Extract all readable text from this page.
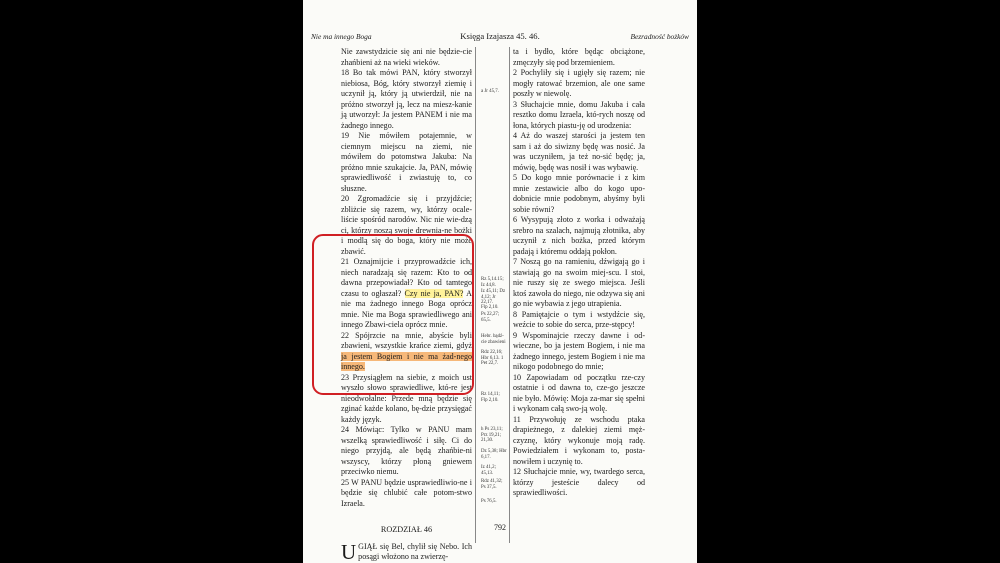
Nie ma innego Boga	Księga Izajasza 45. 46.	Bezradność bożków

Nie zawstydzicie się ani nie będzie-cie zhańbieni aż na wieki wieków.

18 Bo tak mówi PAN, który stworzył niebiosa, Bóg, który stworzył ziemię i uczynił ją, który ją utwierdził, nie na próżno stworzył ją, lecz na miesz-kanie ją utworzył: Ja jestem PANEM i nie ma żadnego innego.

19 Nie mówiłem potajemnie, w ciemnym miejscu na ziemi, nie mówiłem do potomstwa Jakuba: Na próżno mnie szukajcie. Ja, PAN, mówię sprawiedliwość i zwiastuję to, co słuszne.

20 Zgromadźcie się i przyjdźcie; zbliżcie się razem, wy, którzy ocale-liście spośród narodów. Nic nie wie-dzą ci, którzy noszą swoje drewnia-ne bożki i modlą się do boga, który nie może zbawić.

21 Oznajmijcie i przyprowadźcie ich, niech naradzają się razem: Kto to od dawna przepowiadał? Kto od tamtego czasu to ogłaszał? Czy nie ja, PAN? A nie ma żadnego innego Boga oprócz mnie. Nie ma Boga sprawiedliwego ani innego Zbawi-ciela oprócz mnie.

22 Spójrzcie na mnie, abyście byli zbawieni, wszystkie krańce ziemi, gdyż ja jestem Bogiem i nie ma żad-nego innego.

23 Przysiągłem na siebie, z moich ust wyszło słowo sprawiedliwe, któ-re jest nieodwołalne: Przede mną będzie się zginać każde kolano, bę-dzie przysięgać każdy język.

24 Mówiąc: Tylko w PANU mam wszelką sprawiedliwość i siłę. Ci do niego przyjdą, ale będą zhańbie-ni wszyscy, którzy płoną gniewem przeciwko niemu.

25 W PANU będzie usprawiedliwio-ne i będzie się chlubić całe potom-stwo Izraela.

ROZDZIAŁ 46

UGIĄŁ się Bel, chylił się Nebo. Ich posągi włożono na zwierzę-

a Jr 45,7.
Rz 5,14.15; Iz 44,8.
Iz 45,11; Dz 4,12; Jr 22,17.
Flp 2,10.
Ps 22,27; 65,5.
Hebr. bądź-cie zbawieni
Rdz 22,16; Hbr 6,13. 1 Pet 22,7.
Rz 14,11; Flp 2,10.
h Ps 23,11; Prz 19,21; 21,30.
Dz 5,38; Hbr 6,17.
Iz 41,2; 45,13.
Rdz 41,32; Ps 37,5.
Ps 76,5.

ta i bydło, które będąc obciążone, zmęczyły się pod brzemieniem.

2 Pochyliły się i ugięły się razem; nie mogły ratować brzemion, ale one same poszły w niewolę.

3 Słuchajcie mnie, domu Jakuba i cała resztko domu Izraela, któ-rych noszę od łona, których piastu-ję od urodzenia:

4 Aż do waszej starości ja jestem ten sam i aż do siwizny będę was nosić. Ja was uczyniłem, ja też no-sić będę; ja, mówię, będę was nosił i was wybawię.

5 Do kogo mnie porównacie i z kim mnie zestawicie albo do kogo upo-dobnicie mnie podobnym, abyśmy byli sobie równi?

6 Wysypują złoto z worka i odważają srebro na szalach, najmują złotnika, aby uczynił z nich bożka, przed którym padają i któremu oddają pokłon.

7 Noszą go na ramieniu, dźwigają go i stawiają go na swoim miej-scu. I stoi, nie ruszy się ze swego miejsca. Jeśli ktoś zawoła do niego, nie odzywa się ani go nie wybawia z jego utrapienia.

8 Pamiętajcie o tym i wstydźcie się, weźcie to sobie do serca, prze-stępcy!

9 Wspominajcie rzeczy dawne i od-wieczne, bo ja jestem Bogiem, i nie ma żadnego innego, jestem Bogiem i nie ma nikogo podobnego do mnie;

10 Zapowiadam od początku rze-czy ostatnie i od dawna to, cze-go jeszcze nie było. Mówię: Moja za-mar się spełni i wykonam całą swo-ją wolę.

11 Przywołuję ze wschodu ptaka drapieżnego, z dalekiej ziemi męż-czyznę, który wykonuje moją radę. Powiedziałem i wykonam to, posta-nowiłem i uczynię to.

12 Słuchajcie mnie, wy, twardego serca, którzy jesteście dalecy od sprawiedliwości.

792
